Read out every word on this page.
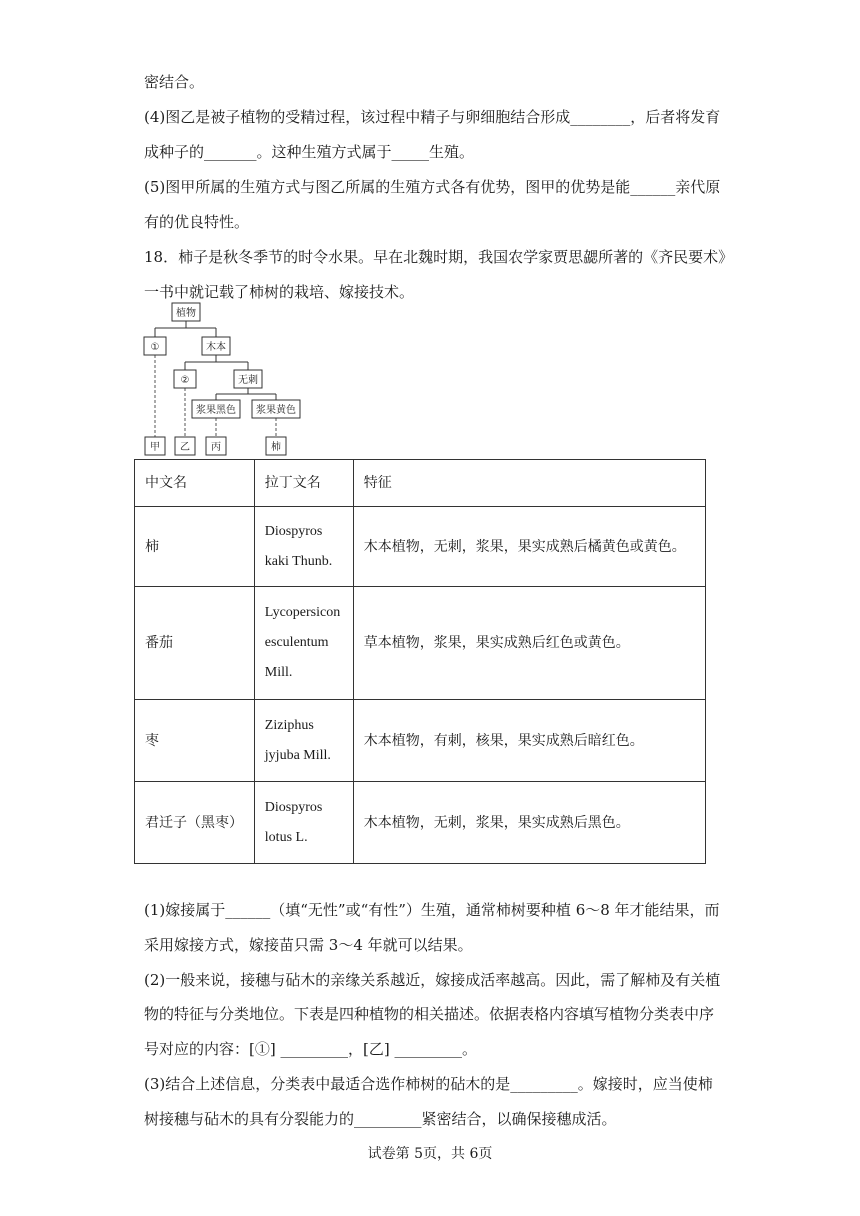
密结合。
(4)图乙是被子植物的受精过程，该过程中精子与卵细胞结合形成________，后者将发育
成种子的_______。这种生殖方式属于_____生殖。
(5)图甲所属的生殖方式与图乙所属的生殖方式各有优势，图甲的优势是能______亲代原
有的优良特性。
18．柿子是秋冬季节的时令水果。早在北魏时期，我国农学家贾思勰所著的《齐民要术》
一书中就记载了柿树的栽培、嫁接技术。
植物
①	木本
②	无刺
浆果黑色 浆果黄色
甲 乙 丙	柿
中文名	拉丁文名	特征
柿	Diospyros
kaki Thunb.	木本植物，无刺，浆果，果实成熟后橘黄色或黄色。
番茄	Lycopersicon
esculentum
Mill.	草本植物，浆果，果实成熟后红色或黄色。
枣	Ziziphus
jyjuba Mill.	木本植物，有刺，核果，果实成熟后暗红色。
君迁子（黑枣）	Diospyros
lotus L.	木本植物，无刺，浆果，果实成熟后黑色。
(1)嫁接属于______（填“无性”或“有性”）生殖，通常柿树要种植 6～8 年才能结果，而
采用嫁接方式，嫁接苗只需 3～4 年就可以结果。
(2)一般来说，接穗与砧木的亲缘关系越近，嫁接成活率越高。因此，需了解柿及有关植
物的特征与分类地位。下表是四种植物的相关描述。依据表格内容填写植物分类表中序
号对应的内容：[①] _________，[乙] _________。
(3)结合上述信息，分类表中最适合选作柿树的砧木的是_________。嫁接时，应当使柿
树接穗与砧木的具有分裂能力的_________紧密结合，以确保接穗成活。
试卷第 5页，共 6页
